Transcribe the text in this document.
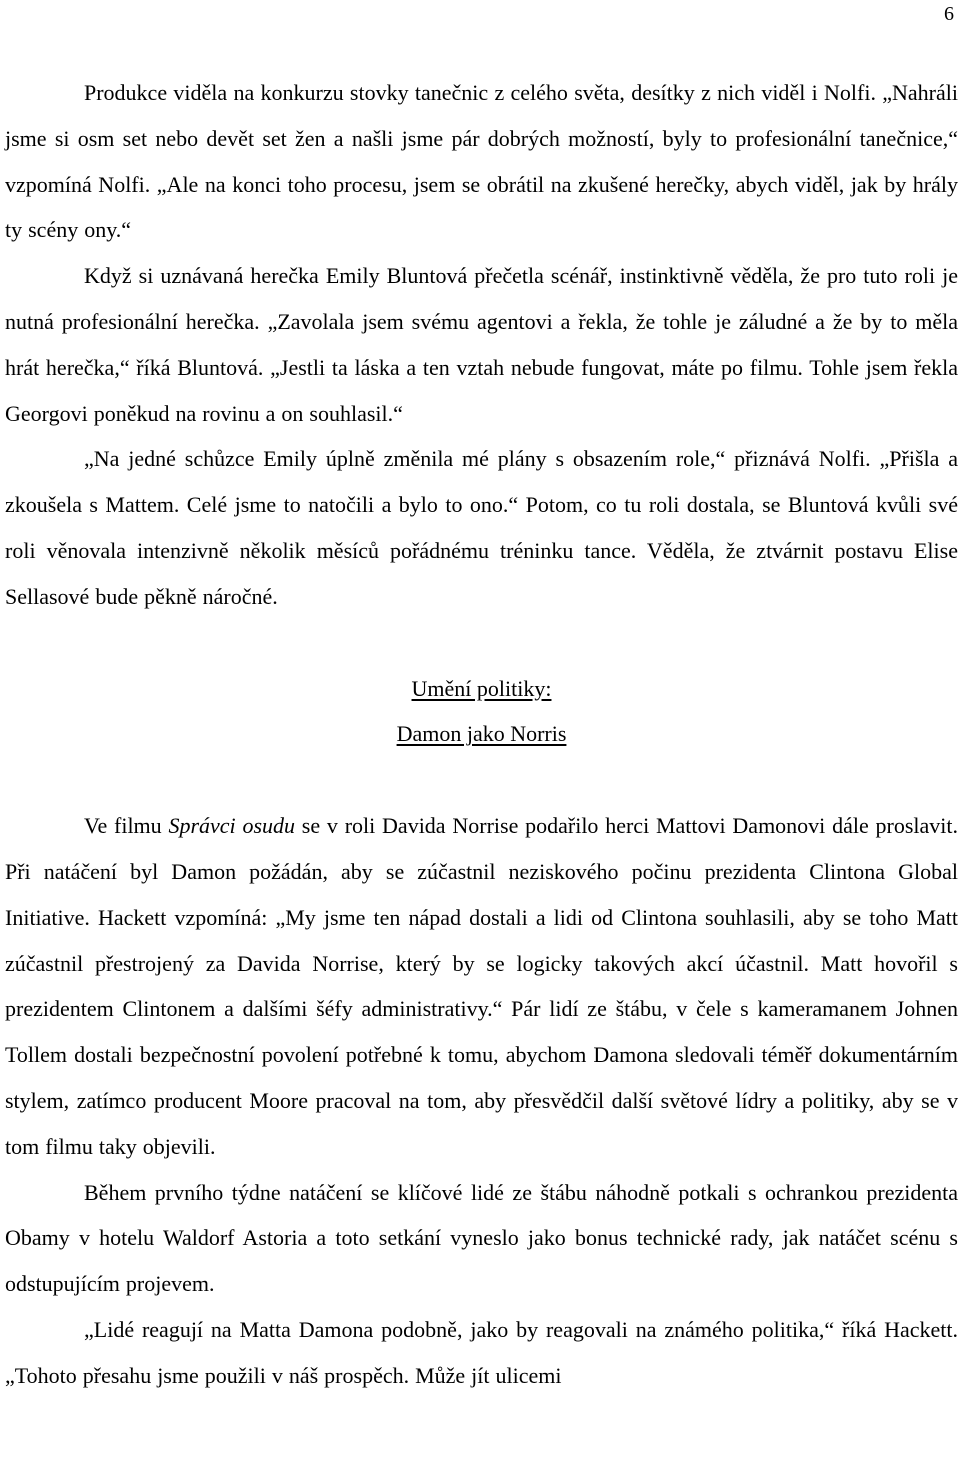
6

Produkce viděla na konkurzu stovky tanečnic z celého světa, desítky z nich viděl i Nolfi. „Nahráli jsme si osm set nebo devět set žen a našli jsme pár dobrých možností, byly to profesionální tanečnice,“ vzpomíná Nolfi. „Ale na konci toho procesu, jsem se obrátil na zkušené herečky, abych viděl, jak by hrály ty scény ony.“

Když si uznávaná herečka Emily Bluntová přečetla scénář, instinktivně věděla, že pro tuto roli je nutná profesionální herečka. „Zavolala jsem svému agentovi a řekla, že tohle je záludné a že by to měla hrát herečka,“ říká Bluntová. „Jestli ta láska a ten vztah nebude fungovat, máte po filmu. Tohle jsem řekla Georgovi poněkud na rovinu a on souhlasil.“

„Na jedné schůzce Emily úplně změnila mé plány s obsazením role,“ přiznává Nolfi. „Přišla a zkoušela s Mattem. Celé jsme to natočili a bylo to ono.“ Potom, co tu roli dostala, se Bluntová kvůli své roli věnovala intenzivně několik měsíců pořádnému tréninku tance. Věděla, že ztvárnit postavu Elise Sellasové bude pěkně náročné.

Umění politiky:

Damon jako Norris

Ve filmu Správci osudu se v roli Davida Norrise podařilo herci Mattovi Damonovi dále proslavit. Při natáčení byl Damon požádán, aby se zúčastnil neziskového počinu prezidenta Clintona Global Initiative. Hackett vzpomíná: „My jsme ten nápad dostali a lidi od Clintona souhlasili, aby se toho Matt zúčastnil přestrojený za Davida Norrise, který by se logicky takových akcí účastnil. Matt hovořil s prezidentem Clintonem a dalšími šéfy administrativy.“ Pár lidí ze štábu, v čele s kameramanem Johnen Tollem dostali bezpečnostní povolení potřebné k tomu, abychom Damona sledovali téměř dokumentárním stylem, zatímco producent Moore pracoval na tom, aby přesvědčil další světové lídry a politiky, aby se v tom filmu taky objevili.

Během prvního týdne natáčení se klíčové lidé ze štábu náhodně potkali s ochrankou prezidenta Obamy v hotelu Waldorf Astoria a toto setkání vyneslo jako bonus technické rady, jak natáčet scénu s odstupujícím projevem.

„Lidé reagují na Matta Damona podobně, jako by reagovali na známého politika,“ říká Hackett. „Tohoto přesahu jsme použili v náš prospěch. Může jít ulicemi
